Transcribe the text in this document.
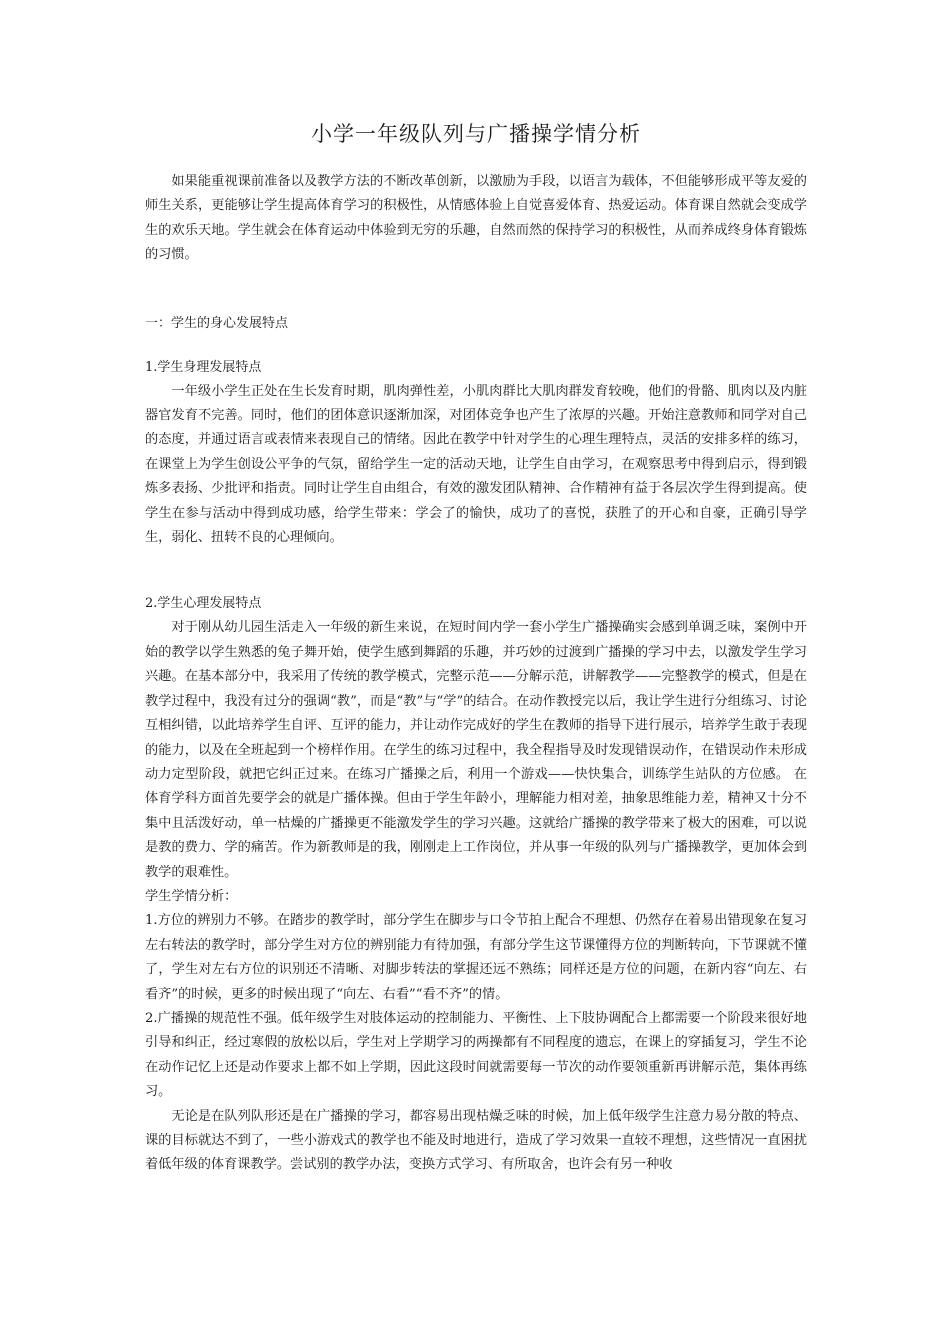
小学一年级队列与广播操学情分析

如果能重视课前准备以及教学方法的不断改革创新，以激励为手段，以语言为载体，不但能够形成平等友爱的师生关系，更能够让学生提高体育学习的积极性，从情感体验上自觉喜爱体育、热爱运动。体育课自然就会变成学生的欢乐天地。学生就会在体育运动中体验到无穷的乐趣，自然而然的保持学习的积极性，从而养成终身体育锻炼的习惯。

一：学生的身心发展特点

1.学生身理发展特点

一年级小学生正处在生长发育时期，肌肉弹性差，小肌肉群比大肌肉群发育较晚，他们的骨骼、肌肉以及内脏器官发育不完善。同时，他们的团体意识逐渐加深，对团体竞争也产生了浓厚的兴趣。开始注意教师和同学对自己的态度，并通过语言或表情来表现自己的情绪。因此在教学中针对学生的心理生理特点，灵活的安排多样的练习，在课堂上为学生创设公平争的气氛，留给学生一定的活动天地，让学生自由学习，在观察思考中得到启示，得到锻炼多表扬、少批评和指责。同时让学生自由组合，有效的激发团队精神、合作精神有益于各层次学生得到提高。使学生在参与活动中得到成功感，给学生带来：学会了的愉快，成功了的喜悦，获胜了的开心和自豪，正确引导学生，弱化、扭转不良的心理倾向。

2.学生心理发展特点

对于刚从幼儿园生活走入一年级的新生来说，在短时间内学一套小学生广播操确实会感到单调乏味，案例中开始的教学以学生熟悉的兔子舞开始，使学生感到舞蹈的乐趣，并巧妙的过渡到广播操的学习中去，以激发学生学习兴趣。在基本部分中，我采用了传统的教学模式，完整示范——分解示范，讲解教学——完整教学的模式，但是在教学过程中，我没有过分的强调“教”，而是“教”与“学”的结合。在动作教授完以后，我让学生进行分组练习、讨论互相纠错，以此培养学生自评、互评的能力，并让动作完成好的学生在教师的指导下进行展示，培养学生敢于表现的能力，以及在全班起到一个榜样作用。在学生的练习过程中，我全程指导及时发现错误动作，在错误动作未形成动力定型阶段，就把它纠正过来。在练习广播操之后，利用一个游戏——快快集合，训练学生站队的方位感。 在体育学科方面首先要学会的就是广播体操。但由于学生年龄小，理解能力相对差，抽象思维能力差，精神又十分不集中且活泼好动，单一枯燥的广播操更不能激发学生的学习兴趣。这就给广播操的教学带来了极大的困难，可以说是教的费力、学的痛苦。作为新教师是的我，刚刚走上工作岗位，并从事一年级的队列与广播操教学，更加体会到教学的艰难性。

学生学情分析：

1.方位的辨别力不够。在踏步的教学时，部分学生在脚步与口令节拍上配合不理想、仍然存在着易出错现象在复习左右转法的教学时，部分学生对方位的辨别能力有待加强，有部分学生这节课懂得方位的判断转向，下节课就不懂了，学生对左右方位的识别还不清晰、对脚步转法的掌握还远不熟练；同样还是方位的问题，在新内容“向左、右看齐”的时候，更多的时候出现了“向左、右看”“看不齐”的情。

2.广播操的规范性不强。低年级学生对肢体运动的控制能力、平衡性、上下肢协调配合上都需要一个阶段来很好地引导和纠正，经过寒假的放松以后，学生对上学期学习的两操都有不同程度的遗忘，在课上的穿插复习，学生不论在动作记忆上还是动作要求上都不如上学期，因此这段时间就需要每一节次的动作要领重新再讲解示范，集体再练习。

无论是在队列队形还是在广播操的学习，都容易出现枯燥乏味的时候，加上低年级学生注意力易分散的特点、课的目标就达不到了，一些小游戏式的教学也不能及时地进行，造成了学习效果一直较不理想，这些情况一直困扰着低年级的体育课教学。尝试别的教学办法，变换方式学习、有所取舍，也许会有另一种收
